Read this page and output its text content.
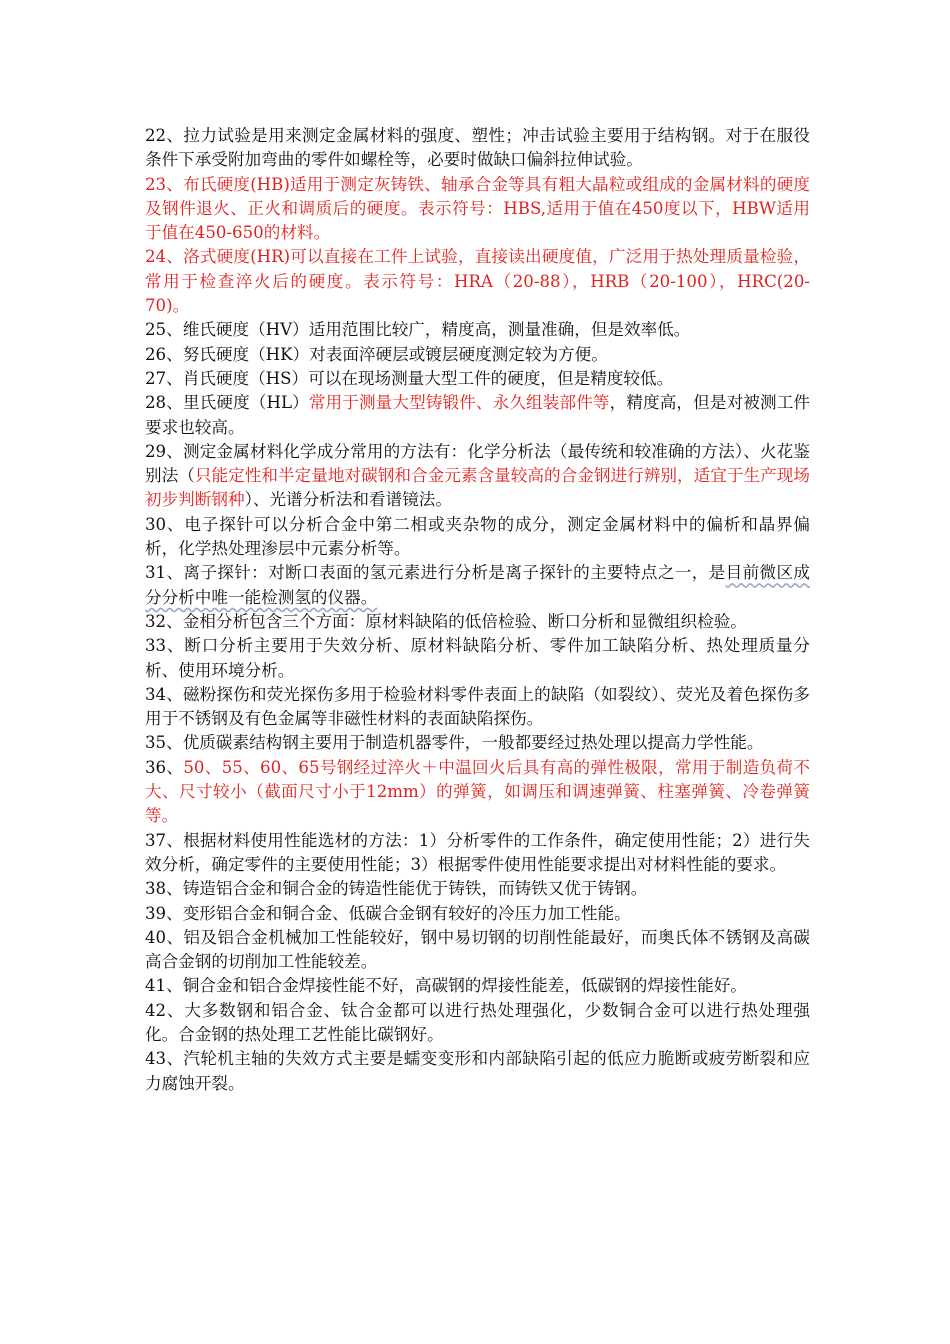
22、拉力试验是用来测定金属材料的强度、塑性；冲击试验主要用于结构钢。对于在服役条件下承受附加弯曲的零件如螺栓等，必要时做缺口偏斜拉伸试验。

23、布氏硬度(HB)适用于测定灰铸铁、轴承合金等具有粗大晶粒或组成的金属材料的硬度及钢件退火、正火和调质后的硬度。表示符号：HBS,适用于值在450度以下，HBW适用于值在450-650的材料。

24、洛式硬度(HR)可以直接在工件上试验，直接读出硬度值，广泛用于热处理质量检验，常用于检查淬火后的硬度。表示符号：HRA（20-88），HRB（20-100），HRC(20-70)。

25、维氏硬度（HV）适用范围比较广，精度高，测量准确，但是效率低。

26、努氏硬度（HK）对表面淬硬层或镀层硬度测定较为方便。

27、肖氏硬度（HS）可以在现场测量大型工件的硬度，但是精度较低。

28、里氏硬度（HL）常用于测量大型铸锻件、永久组装部件等，精度高，但是对被测工件要求也较高。

29、测定金属材料化学成分常用的方法有：化学分析法（最传统和较准确的方法）、火花鉴别法（只能定性和半定量地对碳钢和合金元素含量较高的合金钢进行辨别，适宜于生产现场初步判断钢种）、光谱分析法和看谱镜法。

30、电子探针可以分析合金中第二相或夹杂物的成分，测定金属材料中的偏析和晶界偏析，化学热处理渗层中元素分析等。

31、离子探针：对断口表面的氢元素进行分析是离子探针的主要特点之一，是目前微区成分分析中唯一能检测氢的仪器。

32、金相分析包含三个方面：原材料缺陷的低倍检验、断口分析和显微组织检验。

33、断口分析主要用于失效分析、原材料缺陷分析、零件加工缺陷分析、热处理质量分析、使用环境分析。

34、磁粉探伤和荧光探伤多用于检验材料零件表面上的缺陷（如裂纹）、荧光及着色探伤多用于不锈钢及有色金属等非磁性材料的表面缺陷探伤。

35、优质碳素结构钢主要用于制造机器零件，一般都要经过热处理以提高力学性能。

36、50、55、60、65号钢经过淬火＋中温回火后具有高的弹性极限，常用于制造负荷不大、尺寸较小（截面尺寸小于12mm）的弹簧，如调压和调速弹簧、柱塞弹簧、冷卷弹簧等。

37、根据材料使用性能选材的方法：1）分析零件的工作条件，确定使用性能；2）进行失效分析，确定零件的主要使用性能；3）根据零件使用性能要求提出对材料性能的要求。

38、铸造铝合金和铜合金的铸造性能优于铸铁，而铸铁又优于铸钢。

39、变形铝合金和铜合金、低碳合金钢有较好的冷压力加工性能。

40、铝及铝合金机械加工性能较好，钢中易切钢的切削性能最好，而奥氏体不锈钢及高碳高合金钢的切削加工性能较差。

41、铜合金和铝合金焊接性能不好，高碳钢的焊接性能差，低碳钢的焊接性能好。

42、大多数钢和铝合金、钛合金都可以进行热处理强化，少数铜合金可以进行热处理强化。合金钢的热处理工艺性能比碳钢好。

43、汽轮机主轴的失效方式主要是蠕变变形和内部缺陷引起的低应力脆断或疲劳断裂和应力腐蚀开裂。
